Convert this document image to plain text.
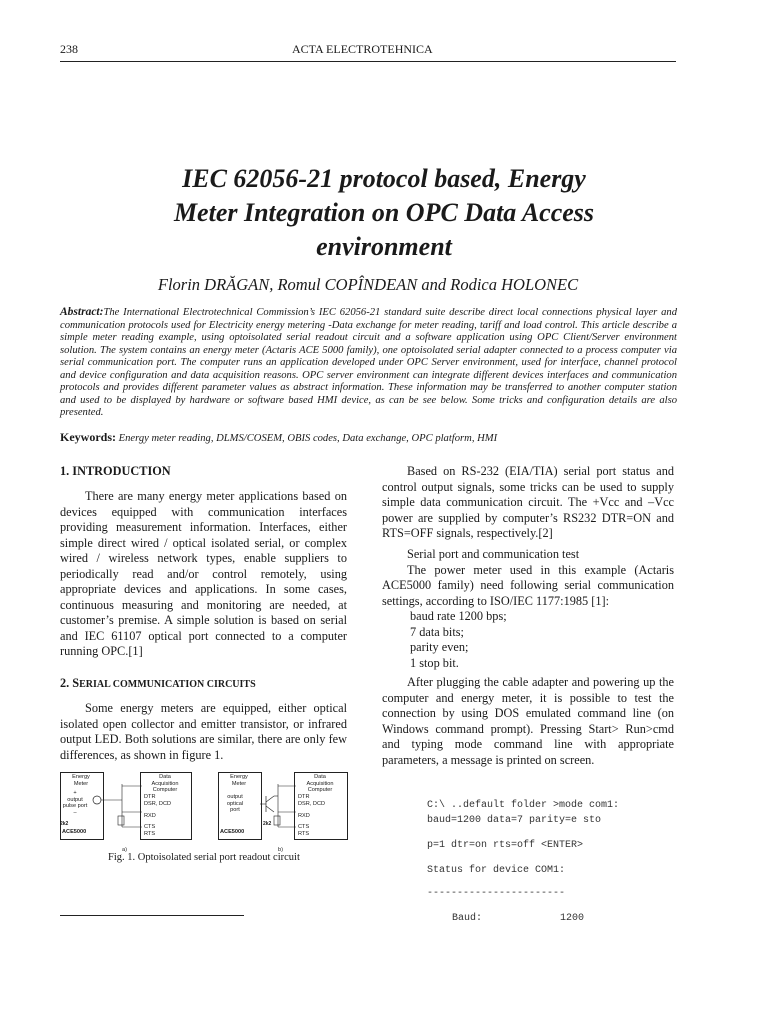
238	ACTA ELECTROTEHNICA
IEC 62056-21 protocol based, Energy
Meter Integration on OPC Data Access
environment
Florin DRĂGAN, Romul COPÎNDEAN and Rodica HOLONEC
Abstract:The International Electrotechnical Commission’s IEC 62056-21 standard suite describe direct local connections physical layer and communication protocols used for Electricity energy metering -Data exchange for meter reading, tariff and load control. This article describe a simple meter reading example, using optoisolated serial readout circuit and a software application using OPC Client/Server environment solution. The system contains an energy meter (Actaris ACE 5000 family), one optoisolated serial adapter connected to a process computer via serial communication port. The computer runs an application developed under OPC Server environment, used for interface, channel protocol and device configuration and data acquisition reasons. OPC server environment can integrate different devices interfaces and communication protocols and provides different parameter values as abstract information. These information may be transferred to another computer station and used to be displayed by hardware or software based HMI device, as can be see below. Some tricks and configuration details are also presented.
Keywords: Energy meter reading, DLMS/COSEM, OBIS codes, Data exchange, OPC platform, HMI
1. INTRODUCTION

There are many energy meter applications based on devices equipped with communication interfaces providing measurement information. Interfaces, either simple direct wired / optical isolated serial, or complex wired / wireless network types, enable suppliers to periodically read and/or control remotely, using appropriate devices and applications. In some cases, continuous measuring and monitoring are needed, at customer’s premise. A simple solution is based on serial and IEC 61107 optical port connected to a computer running OPC.[1]

2. SERIAL COMMUNICATION CIRCUITS

Some energy meters are equipped, either optical isolated open collector and emitter transistor, or infrared output LED. Both solutions are similar, there are only few differences, as shown in figure 1.

Energy
Meter
+
output
pulse port
–
2k2
ACE5000
Data
Acquisition
Computer
DTR
DSR, DCD
RXD
CTS
RTS
a)
Energy
Meter
output
optical
port
2k2
ACE5000
Data
Acquisition
Computer
DTR
DSR, DCD
RXD
CTS
RTS
b)
Fig. 1. Optoisolated serial port readout circuit

Based on RS-232 (EIA/TIA) serial port status and control output signals, some tricks can be used to supply simple data communication circuit. The +Vcc and –Vcc power are supplied by computer’s RS232 DTR=ON and RTS=OFF signals, respectively.[2]

Serial port and communication test

The power meter used in this example (Actaris ACE5000 family) need following serial communication settings, according to ISO/IEC 1177:1985 [1]:

baud rate 1200 bps;
7 data bits;
parity even;
1 stop bit.

After plugging the cable adapter and powering up the computer and energy meter, it is possible to test the connection by using DOS emulated command line (on Windows command prompt). Pressing Start> Run>cmd and typing mode command line with appropriate parameters, a message is printed on screen.

C:\ ..default folder >mode com1:
baud=1200 data=7 parity=e sto
p=1 dtr=on rts=off <ENTER>
Status for device COM1:
-----------------------
Baud:	1200
